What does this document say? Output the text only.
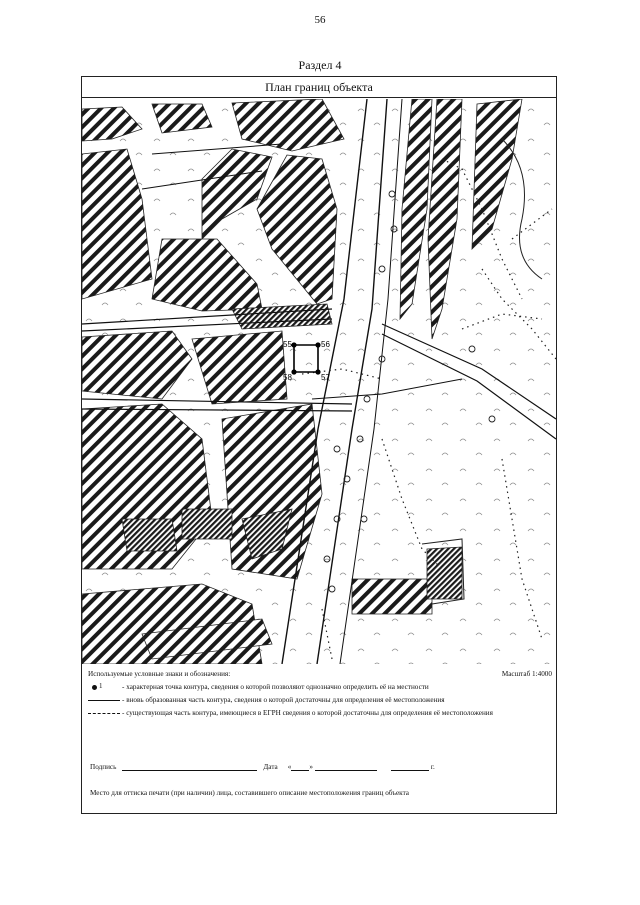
56
Раздел 4
План границ объекта
55	56
57
58
Используемые условные знаки и обозначения:	Масштаб 1:4000
1	- характерная точка контура, сведения о которой позволяют однозначно определить её на местности
- вновь образованная часть контура, сведения о которой достаточны для определения её местоположения
- существующая часть контура, имеющиеся в ЕГРН сведения о которой достаточны для определения её местоположения
Подпись	Дата «	»	г.
Место для оттиска печати (при наличии) лица, составившего описание местоположения границ объекта
